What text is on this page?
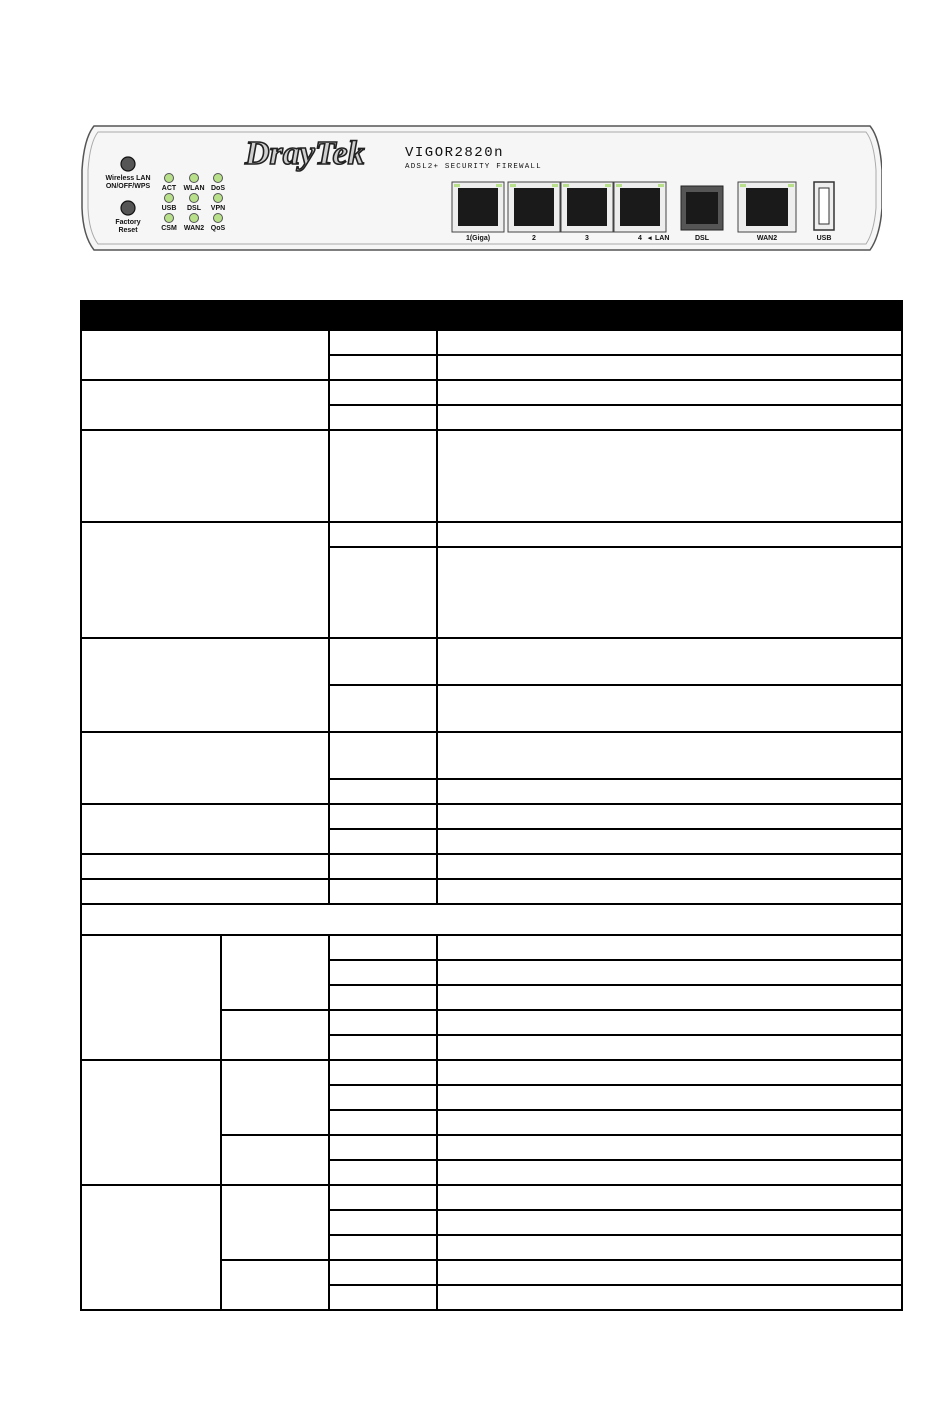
Wireless LAN
ON/OFF/WPS
Factory
Reset
ACT WLAN DoS
USB DSL VPN
CSM WAN2 QoS
DrayTek	VIGOR2820n
ADSL2+ SECURITY FIREWALL
1(Giga)	2	3	4 ◂ LAN	DSL	WAN2	USB
